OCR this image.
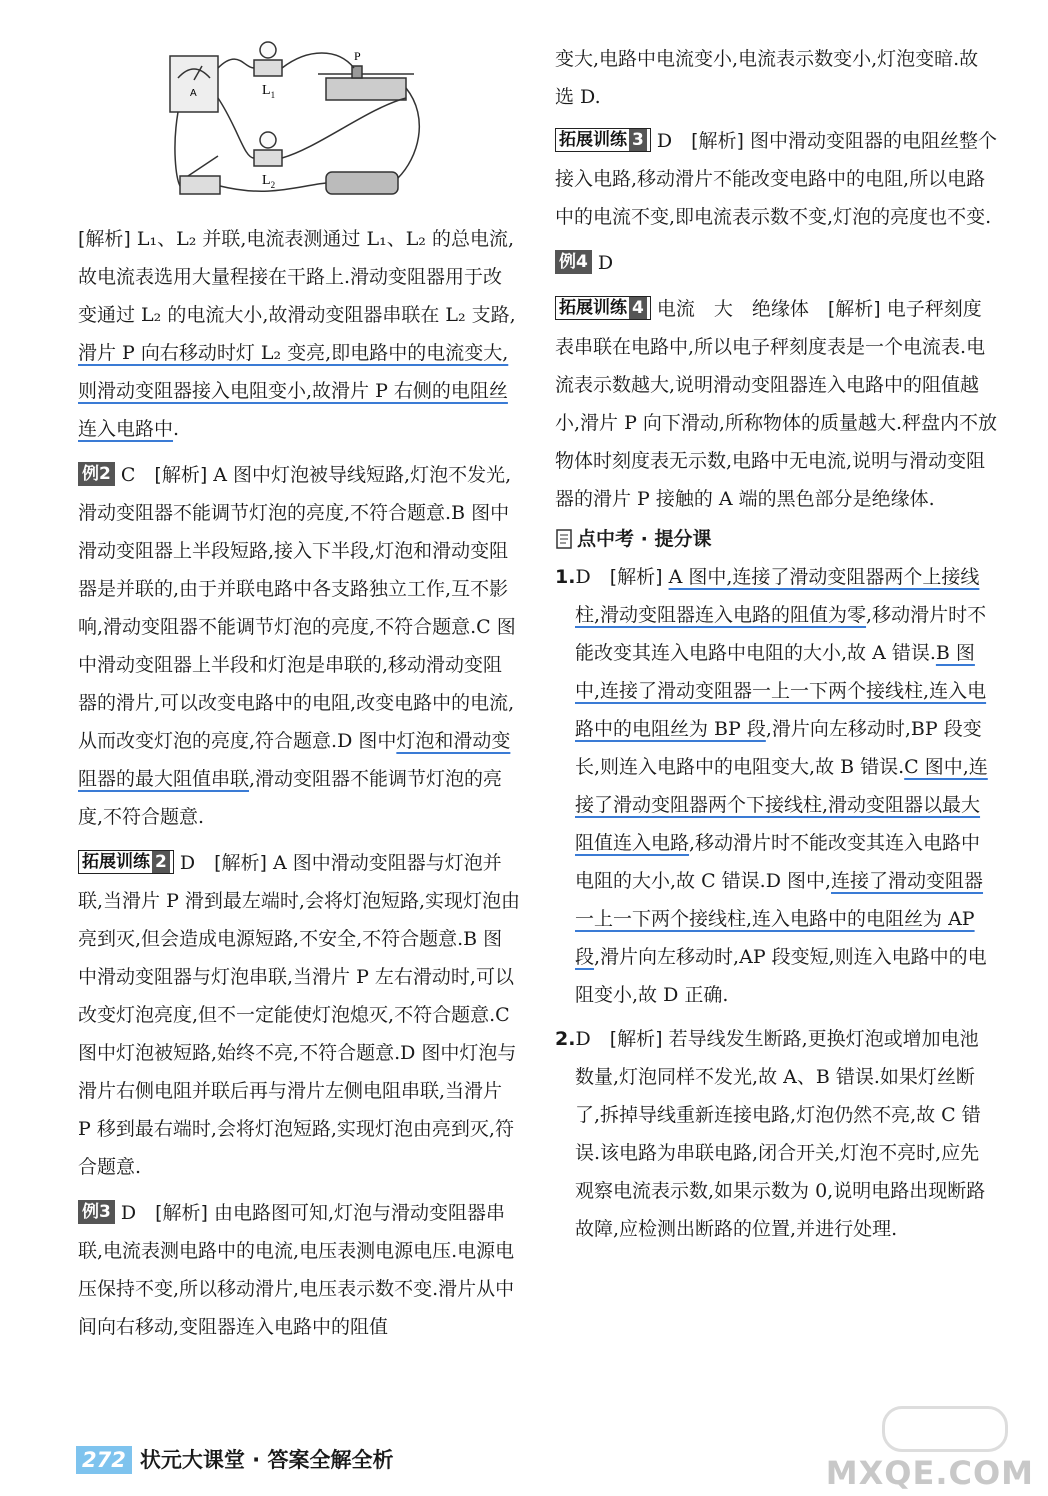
P
A	$L_1$
$L_2$

[解析] L₁、L₂ 并联,电流表测通过 L₁、L₂ 的总电流,故电流表选用大量程接在干路上.滑动变阻器用于改变通过 L₂ 的电流大小,故滑动变阻器串联在 L₂ 支路,滑片 P 向右移动时灯 L₂ 变亮,即电路中的电流变大,则滑动变阻器接入电阻变小,故滑片 P 右侧的电阻丝连入电路中.

例2 C　 [解析] A 图中灯泡被导线短路,灯泡不发光,滑动变阻器不能调节灯泡的亮度,不符合题意.B 图中滑动变阻器上半段短路,接入下半段,灯泡和滑动变阻器是并联的,由于并联电路中各支路独立工作,互不影响,滑动变阻器不能调节灯泡的亮度,不符合题意.C 图中滑动变阻器上半段和灯泡是串联的,移动滑动变阻器的滑片,可以改变电路中的电阻,改变电路中的电流,从而改变灯泡的亮度,符合题意.D 图中灯泡和滑动变阻器的最大阻值串联,滑动变阻器不能调节灯泡的亮度,不符合题意.

拓展训练 2 D　 [解析] A 图中滑动变阻器与灯泡并联,当滑片 P 滑到最左端时,会将灯泡短路,实现灯泡由亮到灭,但会造成电源短路,不安全,不符合题意.B 图中滑动变阻器与灯泡串联,当滑片 P 左右滑动时,可以改变灯泡亮度,但不一定能使灯泡熄灭,不符合题意.C 图中灯泡被短路,始终不亮,不符合题意.D 图中灯泡与滑片右侧电阻并联后再与滑片左侧电阻串联,当滑片 P 移到最右端时,会将灯泡短路,实现灯泡由亮到灭,符合题意.

例3 D　 [解析] 由电路图可知,灯泡与滑动变阻器串联,电流表测电路中的电流,电压表测电源电压.电源电压保持不变,所以移动滑片,电压表示数不变.滑片从中间向右移动,变阻器连入电路中的阻值

变大,电路中电流变小,电流表示数变小,灯泡变暗.故选 D.

拓展训练 3 D　 [解析] 图中滑动变阻器的电阻丝整个接入电路,移动滑片不能改变电路中的电阻,所以电路中的电流不变,即电流表示数不变,灯泡的亮度也不变.

例4 D

拓展训练 4 电流　大　绝缘体　 [解析] 电子秤刻度表串联在电路中,所以电子秤刻度表是一个电流表.电流表示数越大,说明滑动变阻器连入电路中的阻值越小,滑片 P 向下滑动,所称物体的质量越大.秤盘内不放物体时刻度表无示数,电路中无电流,说明与滑动变阻器的滑片 P 接触的 A 端的黑色部分是绝缘体.

点中考 · 提分课

1.D　 [解析] A 图中,连接了滑动变阻器两个上接线柱,滑动变阻器连入电路的阻值为零,移动滑片时不能改变其连入电路中电阻的大小,故 A 错误.B 图中,连接了滑动变阻器一上一下两个接线柱,连入电路中的电阻丝为 BP 段,滑片向左移动时,BP 段变长,则连入电路中的电阻变大,故 B 错误.C 图中,连接了滑动变阻器两个下接线柱,滑动变阻器以最大阻值连入电路,移动滑片时不能改变其连入电路中电阻的大小,故 C 错误.D 图中,连接了滑动变阻器一上一下两个接线柱,连入电路中的电阻丝为 AP 段,滑片向左移动时,AP 段变短,则连入电路中的电阻变小,故 D 正确.

2.D　 [解析] 若导线发生断路,更换灯泡或增加电池数量,灯泡同样不发光,故 A、B 错误.如果灯丝断了,拆掉导线重新连接电路,灯泡仍然不亮,故 C 错误.该电路为串联电路,闭合开关,灯泡不亮时,应先观察电流表示数,如果示数为 0,说明电路出现断路故障,应检测出断路的位置,并进行处理.

272 状元大课堂 · 答案全解全析	MXQE.COM
